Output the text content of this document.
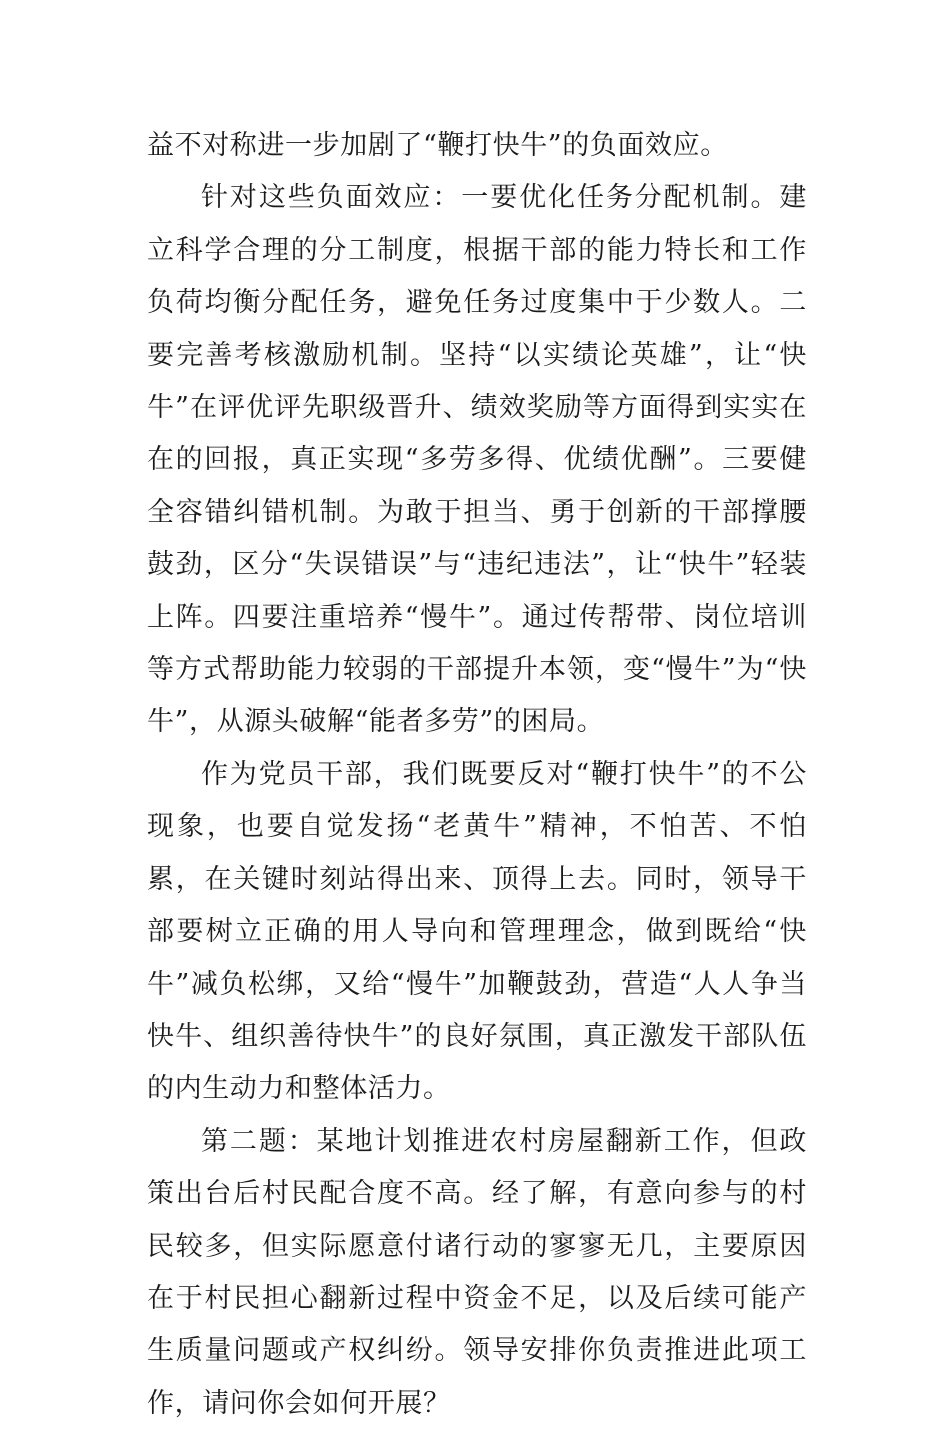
益不对称进一步加剧了“鞭打快牛”的负面效应。

针对这些负面效应：一要优化任务分配机制。建立科学合理的分工制度，根据干部的能力特长和工作负荷均衡分配任务，避免任务过度集中于少数人。二要完善考核激励机制。坚持“以实绩论英雄”，让“快牛”在评优评先职级晋升、绩效奖励等方面得到实实在在的回报，真正实现“多劳多得、优绩优酬”。三要健全容错纠错机制。为敢于担当、勇于创新的干部撑腰鼓劲，区分“失误错误”与“违纪违法”，让“快牛”轻装上阵。四要注重培养“慢牛”。通过传帮带、岗位培训等方式帮助能力较弱的干部提升本领，变“慢牛”为“快牛”，从源头破解“能者多劳”的困局。

作为党员干部，我们既要反对“鞭打快牛”的不公现象，也要自觉发扬“老黄牛”精神，不怕苦、不怕累，在关键时刻站得出来、顶得上去。同时，领导干部要树立正确的用人导向和管理理念，做到既给“快牛”减负松绑，又给“慢牛”加鞭鼓劲，营造“人人争当快牛、组织善待快牛”的良好氛围，真正激发干部队伍的内生动力和整体活力。

第二题：某地计划推进农村房屋翻新工作，但政策出台后村民配合度不高。经了解，有意向参与的村民较多，但实际愿意付诸行动的寥寥无几，主要原因在于村民担心翻新过程中资金不足，以及后续可能产生质量问题或产权纠纷。领导安排你负责推进此项工作，请问你会如何开展？
